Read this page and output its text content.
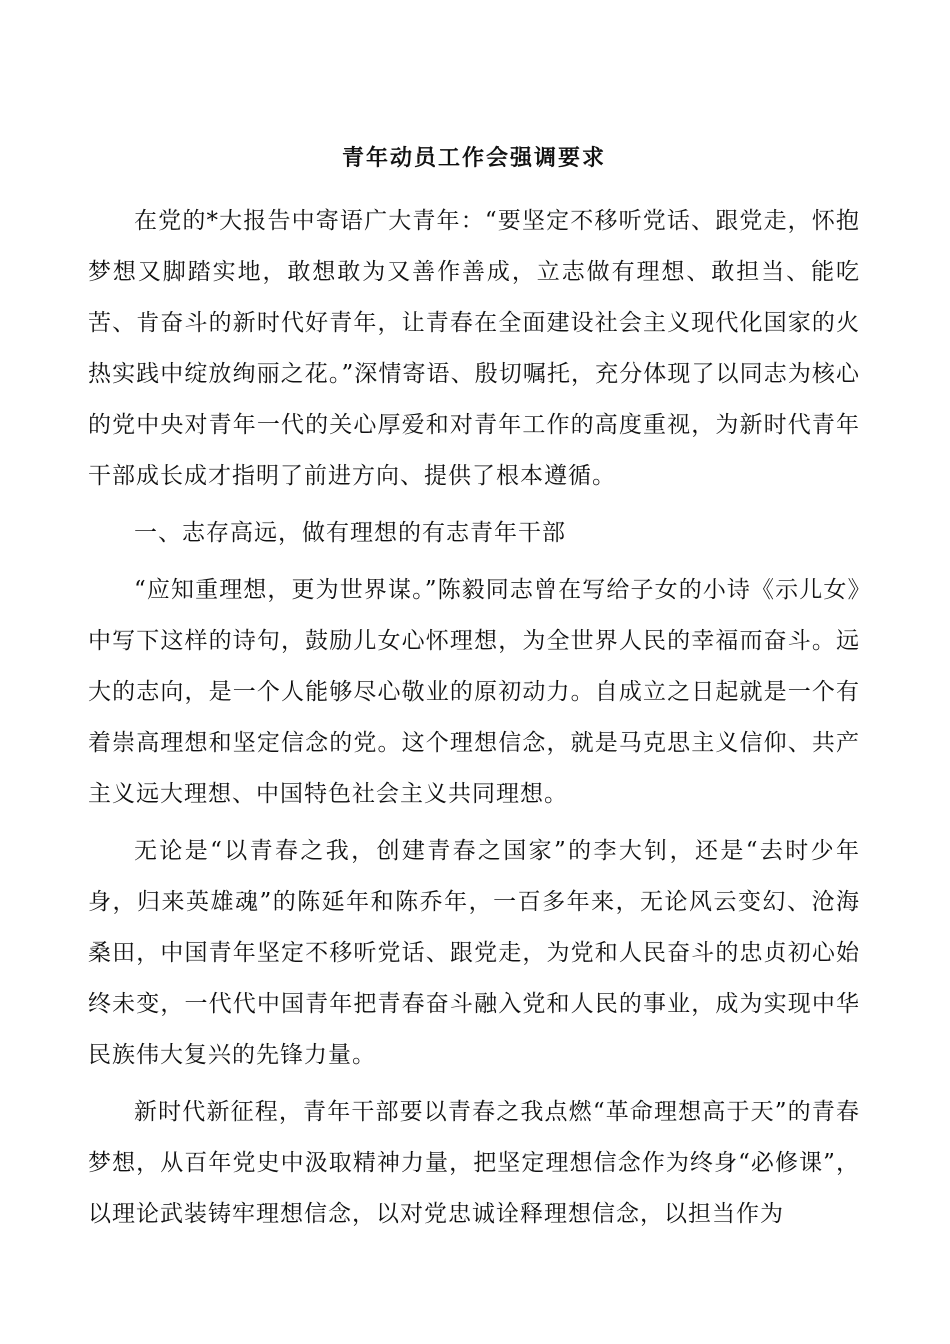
青年动员工作会强调要求

在党的*大报告中寄语广大青年：“要坚定不移听党话、跟党走，怀抱梦想又脚踏实地，敢想敢为又善作善成，立志做有理想、敢担当、能吃苦、肯奋斗的新时代好青年，让青春在全面建设社会主义现代化国家的火热实践中绽放绚丽之花。”深情寄语、殷切嘱托，充分体现了以同志为核心的党中央对青年一代的关心厚爱和对青年工作的高度重视，为新时代青年干部成长成才指明了前进方向、提供了根本遵循。

一、志存高远，做有理想的有志青年干部

“应知重理想，更为世界谋。”陈毅同志曾在写给子女的小诗《示儿女》中写下这样的诗句，鼓励儿女心怀理想，为全世界人民的幸福而奋斗。远大的志向，是一个人能够尽心敬业的原初动力。自成立之日起就是一个有着崇高理想和坚定信念的党。这个理想信念，就是马克思主义信仰、共产主义远大理想、中国特色社会主义共同理想。

无论是“以青春之我，创建青春之国家”的李大钊，还是“去时少年身，归来英雄魂”的陈延年和陈乔年，一百多年来，无论风云变幻、沧海桑田，中国青年坚定不移听党话、跟党走，为党和人民奋斗的忠贞初心始终未变，一代代中国青年把青春奋斗融入党和人民的事业，成为实现中华民族伟大复兴的先锋力量。

新时代新征程，青年干部要以青春之我点燃“革命理想高于天”的青春梦想，从百年党史中汲取精神力量，把坚定理想信念作为终身“必修课”，以理论武装铸牢理想信念，以对党忠诚诠释理想信念，以担当作为
